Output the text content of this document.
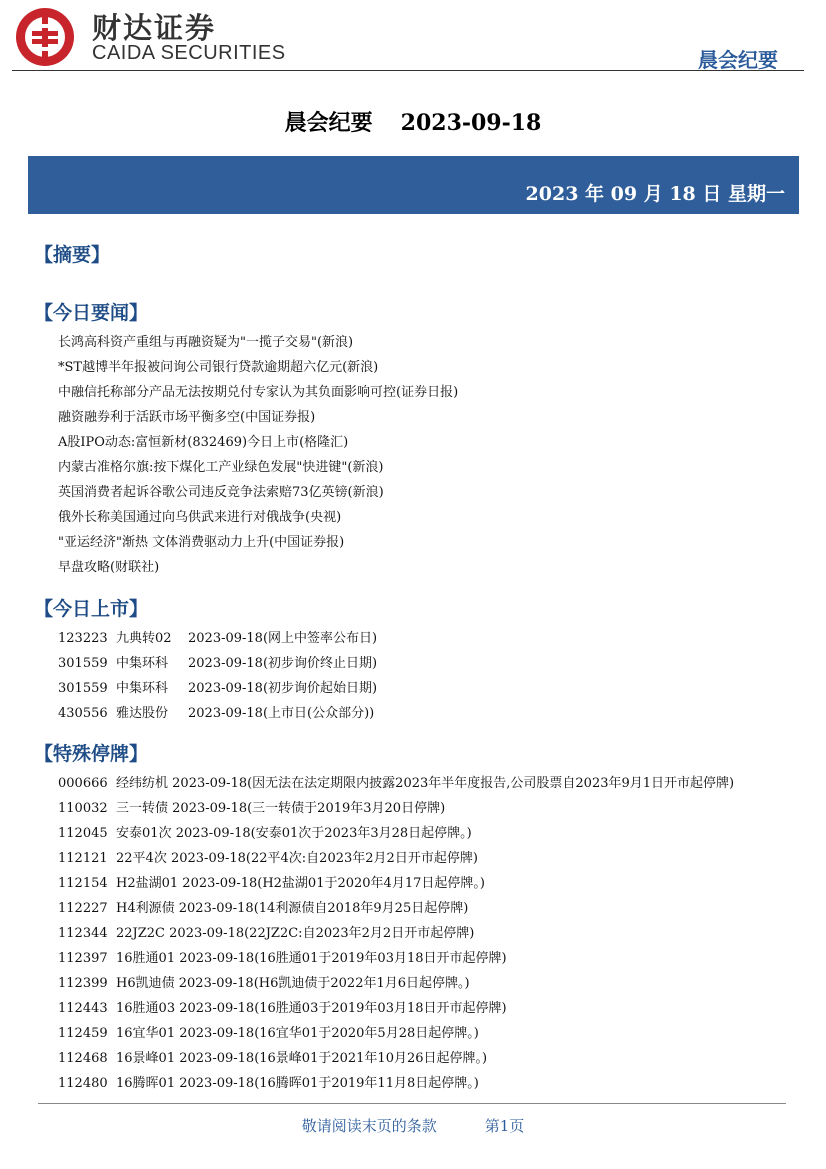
财达证券
CAIDA SECURITIES	晨会纪要
晨会纪要 2023-09-18
2023 年 09 月 18 日 星期一
【摘要】
【今日要闻】
长鸿高科资产重组与再融资疑为"一揽子交易"(新浪)
*ST越博半年报被问询公司银行贷款逾期超六亿元(新浪)
中融信托称部分产品无法按期兑付专家认为其负面影响可控(证券日报)
融资融券利于活跃市场平衡多空(中国证券报)
A股IPO动态:富恒新材(832469)今日上市(格隆汇)
内蒙古准格尔旗:按下煤化工产业绿色发展"快进键"(新浪)
英国消费者起诉谷歌公司违反竞争法索赔73亿英镑(新浪)
俄外长称美国通过向乌供武来进行对俄战争(央视)
"亚运经济"渐热 文体消费驱动力上升(中国证券报)
早盘攻略(财联社)
【今日上市】
123223 九典转02 2023-09-18(网上中签率公布日)
301559 中集环科 2023-09-18(初步询价终止日期)
301559 中集环科 2023-09-18(初步询价起始日期)
430556 雅达股份 2023-09-18(上市日(公众部分))
【特殊停牌】
000666 经纬纺机 2023-09-18(因无法在法定期限内披露2023年半年度报告,公司股票自2023年9月1日开市起停牌)
110032 三一转债 2023-09-18(三一转债于2019年3月20日停牌)
112045 安泰01次 2023-09-18(安泰01次于2023年3月28日起停牌。)
112121 22平4次 2023-09-18(22平4次:自2023年2月2日开市起停牌)
112154 H2盐湖01 2023-09-18(H2盐湖01于2020年4月17日起停牌。)
112227 H4利源债 2023-09-18(14利源债自2018年9月25日起停牌)
112344 22JZ2C 2023-09-18(22JZ2C:自2023年2月2日开市起停牌)
112397 16胜通01 2023-09-18(16胜通01于2019年03月18日开市起停牌)
112399 H6凯迪债 2023-09-18(H6凯迪债于2022年1月6日起停牌。)
112443 16胜通03 2023-09-18(16胜通03于2019年03月18日开市起停牌)
112459 16宜华01 2023-09-18(16宜华01于2020年5月28日起停牌。)
112468 16景峰01 2023-09-18(16景峰01于2021年10月26日起停牌。)
112480 16腾晖01 2023-09-18(16腾晖01于2019年11月8日起停牌。)
敬请阅读末页的条款	第1页
